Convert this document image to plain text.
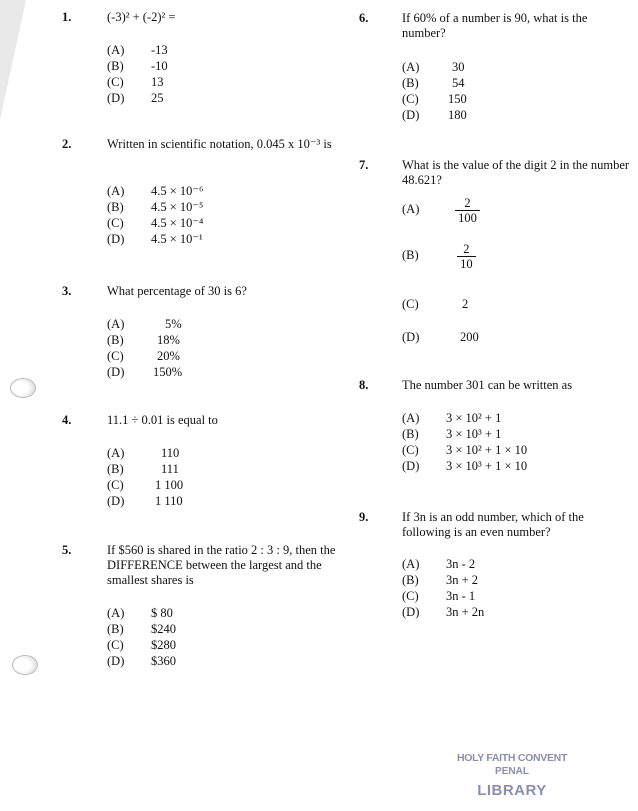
1.	(-3)² + (-2)² =
(A) -13
(B) -10
(C) 13
(D) 25
2.	Written in scientific notation, 0.045 x 10⁻³ is
(A) 4.5 × 10⁻⁶
(B) 4.5 × 10⁻⁵
(C) 4.5 × 10⁻⁴
(D) 4.5 × 10⁻¹
3.	What percentage of 30 is 6?
(A)	5%
(B)	18%
(C)	20%
(D) 150%
4.	11.1 ÷ 0.01 is equal to
(A)	110
(B)	111
(C)	1 100
(D) 1 110
5.	If $560 is shared in the ratio 2 : 3 : 9, then the DIFFERENCE between the largest and the smallest shares is
(A) $ 80
(B) $240
(C) $280
(D) $360
6.	If 60% of a number is 90, what is the number?
(A)	30
(B)	54
(C) 150
(D) 180
7.	What is the value of the digit 2 in the number 48.621?
(A)	$\frac{2}{100}$
(B)	$\frac{2}{10}$
(C)	2
(D)	200
8.	The number 301 can be written as
(A) 3 × 10² + 1
(B) 3 × 10³ + 1
(C) 3 × 10² + 1 × 10
(D) 3 × 10³ + 1 × 10
9.	If 3n is an odd number, which of the following is an even number?
(A) 3n - 2
(B) 3n + 2
(C) 3n - 1
(D) 3n + 2n
HOLY FAITH CONVENT
PENAL
LIBRARY
